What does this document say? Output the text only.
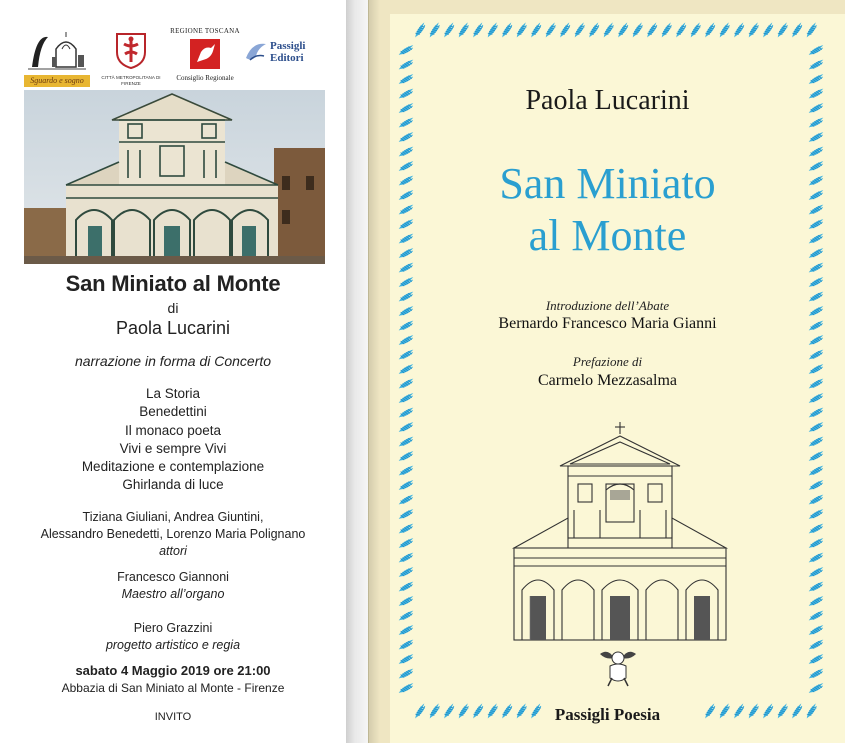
Sguardo e sogno	CITTÀ METROPOLITANA DI FIRENZE
REGIONE TOSCANA
Consiglio Regionale
Passigli Editori
San Miniato al Monte
di
Paola Lucarini
narrazione in forma di Concerto
La Storia
Benedettini
Il monaco poeta
Vivi e sempre Vivi
Meditazione e contemplazione
Ghirlanda di luce
Tiziana Giuliani, Andrea Giuntini,
Alessandro Benedetti, Lorenzo Maria Polignano
attori
Francesco Giannoni
Maestro all’organo
Piero Grazzini
progetto artistico e regia
sabato 4 Maggio 2019 ore 21:00
Abbazia di San Miniato al Monte - Firenze
INVITO
Paola Lucarini
San Miniato
al Monte
Introduzione dell’Abate
Bernardo Francesco Maria Gianni
Prefazione di
Carmelo Mezzasalma
Passigli Poesia
